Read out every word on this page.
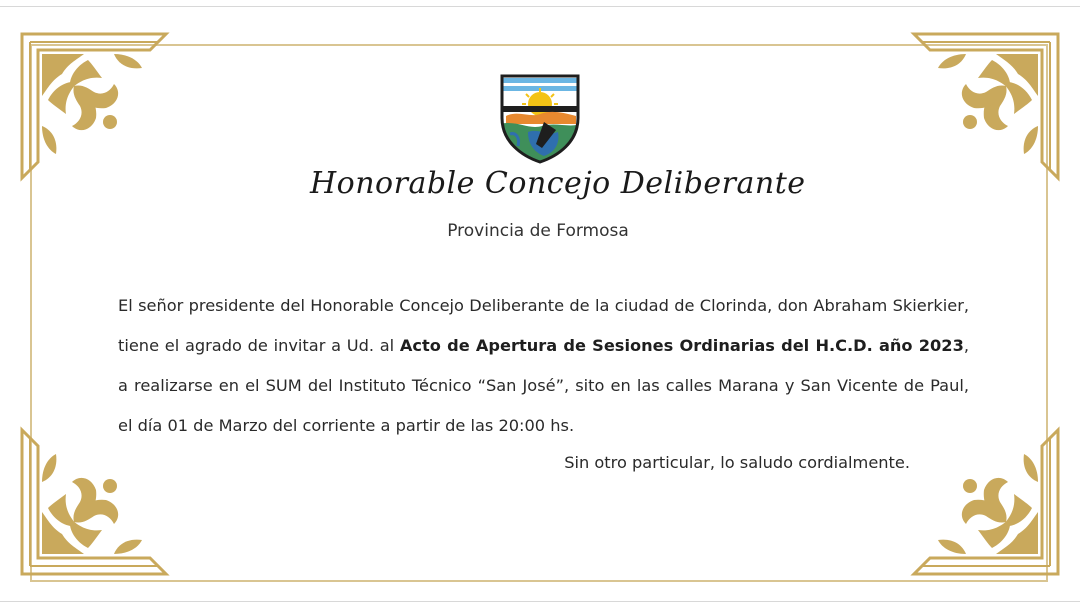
Honorable Concejo Deliberante
Provincia de Formosa
El señor presidente del Honorable Concejo Deliberante de la ciudad de Clorinda, don Abraham Skierkier, tiene el agrado de invitar a Ud. al Acto de Apertura de Sesiones Ordinarias del H.C.D. año 2023, a realizarse en el SUM del Instituto Técnico “San José”, sito en las calles Marana y San Vicente de Paul, el día 01 de Marzo del corriente a partir de las 20:00 hs.
Sin otro particular, lo saludo cordialmente.
